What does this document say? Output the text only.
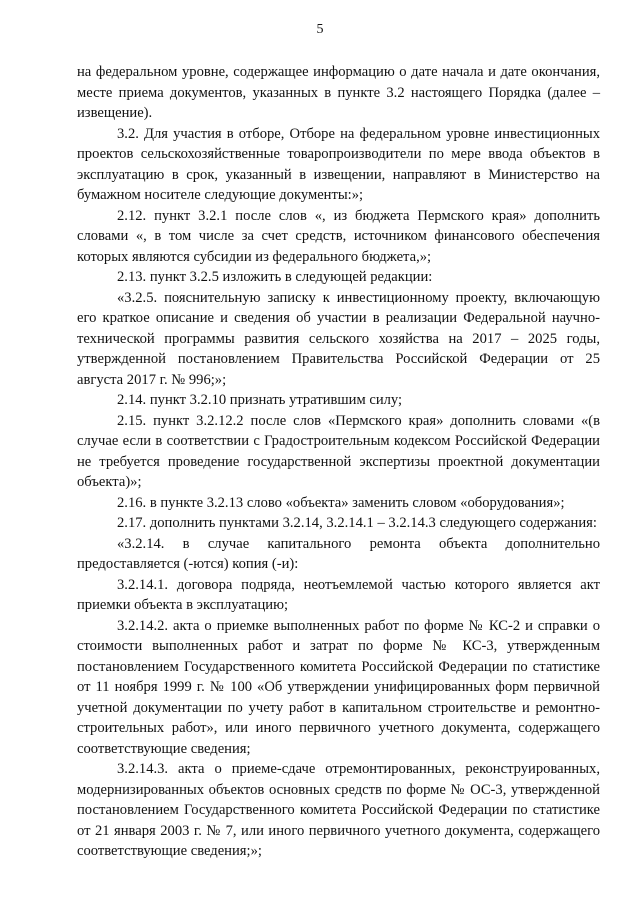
5

на федеральном уровне, содержащее информацию о дате начала и дате окончания, месте приема документов, указанных в пункте 3.2 настоящего Порядка (далее – извещение).

3.2. Для участия в отборе, Отборе на федеральном уровне инвестиционных проектов сельскохозяйственные товаропроизводители по мере ввода объектов в эксплуатацию в срок, указанный в извещении, направляют в Министерство на бумажном носителе следующие документы:»;

2.12. пункт 3.2.1 после слов «, из бюджета Пермского края» дополнить словами «, в том числе за счет средств, источником финансового обеспечения которых являются субсидии из федерального бюджета,»;

2.13. пункт 3.2.5 изложить в следующей редакции:

«3.2.5. пояснительную записку к инвестиционному проекту, включающую его краткое описание и сведения об участии в реализации Федеральной научно-технической программы развития сельского хозяйства на 2017 – 2025 годы, утвержденной постановлением Правительства Российской Федерации от 25 августа 2017 г. № 996;»;

2.14. пункт 3.2.10 признать утратившим силу;

2.15. пункт 3.2.12.2 после слов «Пермского края» дополнить словами «(в случае если в соответствии с Градостроительным кодексом Российской Федерации не требуется проведение государственной экспертизы проектной документации объекта)»;

2.16. в пункте 3.2.13 слово «объекта» заменить словом «оборудования»;

2.17. дополнить пунктами 3.2.14, 3.2.14.1 – 3.2.14.3 следующего содержания:

«3.2.14. в случае капитального ремонта объекта дополнительно предоставляется (-ются) копия (-и):

3.2.14.1. договора подряда, неотъемлемой частью которого является акт приемки объекта в эксплуатацию;

3.2.14.2. акта о приемке выполненных работ по форме № КС-2 и справки о стоимости выполненных работ и затрат по форме № КС-3, утвержденным постановлением Государственного комитета Российской Федерации по статистике от 11 ноября 1999 г. № 100 «Об утверждении унифицированных форм первичной учетной документации по учету работ в капитальном строительстве и ремонтно-строительных работ», или иного первичного учетного документа, содержащего соответствующие сведения;

3.2.14.3. акта о приеме-сдаче отремонтированных, реконструированных, модернизированных объектов основных средств по форме № ОС-3, утвержденной постановлением Государственного комитета Российской Федерации по статистике от 21 января 2003 г. № 7, или иного первичного учетного документа, содержащего соответствующие сведения;»;
